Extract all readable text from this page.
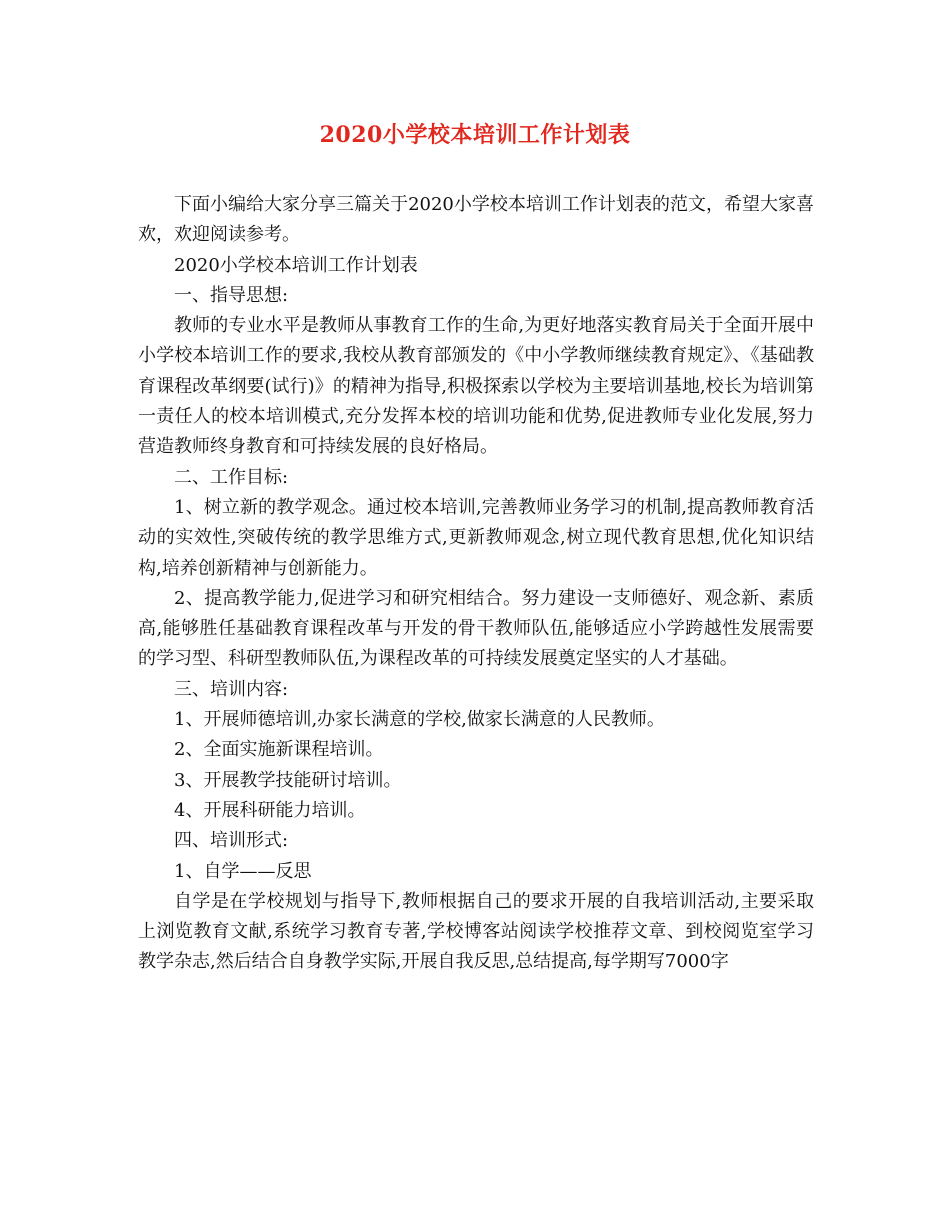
2020小学校本培训工作计划表

下面小编给大家分享三篇关于2020小学校本培训工作计划表的范文，希望大家喜欢，欢迎阅读参考。

2020小学校本培训工作计划表

一、指导思想:

教师的专业水平是教师从事教育工作的生命,为更好地落实教育局关于全面开展中小学校本培训工作的要求,我校从教育部颁发的《中小学教师继续教育规定》、《基础教育课程改革纲要(试行)》的精神为指导,积极探索以学校为主要培训基地,校长为培训第一责任人的校本培训模式,充分发挥本校的培训功能和优势,促进教师专业化发展,努力营造教师终身教育和可持续发展的良好格局。

二、工作目标:

1、树立新的教学观念。通过校本培训,完善教师业务学习的机制,提高教师教育活动的实效性,突破传统的教学思维方式,更新教师观念,树立现代教育思想,优化知识结构,培养创新精神与创新能力。

2、提高教学能力,促进学习和研究相结合。努力建设一支师德好、观念新、素质高,能够胜任基础教育课程改革与开发的骨干教师队伍,能够适应小学跨越性发展需要的学习型、科研型教师队伍,为课程改革的可持续发展奠定坚实的人才基础。

三、培训内容:

1、开展师德培训,办家长满意的学校,做家长满意的人民教师。

2、全面实施新课程培训。

3、开展教学技能研讨培训。

4、开展科研能力培训。

四、培训形式:

1、自学——反思

自学是在学校规划与指导下,教师根据自己的要求开展的自我培训活动,主要采取上浏览教育文献,系统学习教育专著,学校博客站阅读学校推荐文章、到校阅览室学习教学杂志,然后结合自身教学实际,开展自我反思,总结提高,每学期写7000字
